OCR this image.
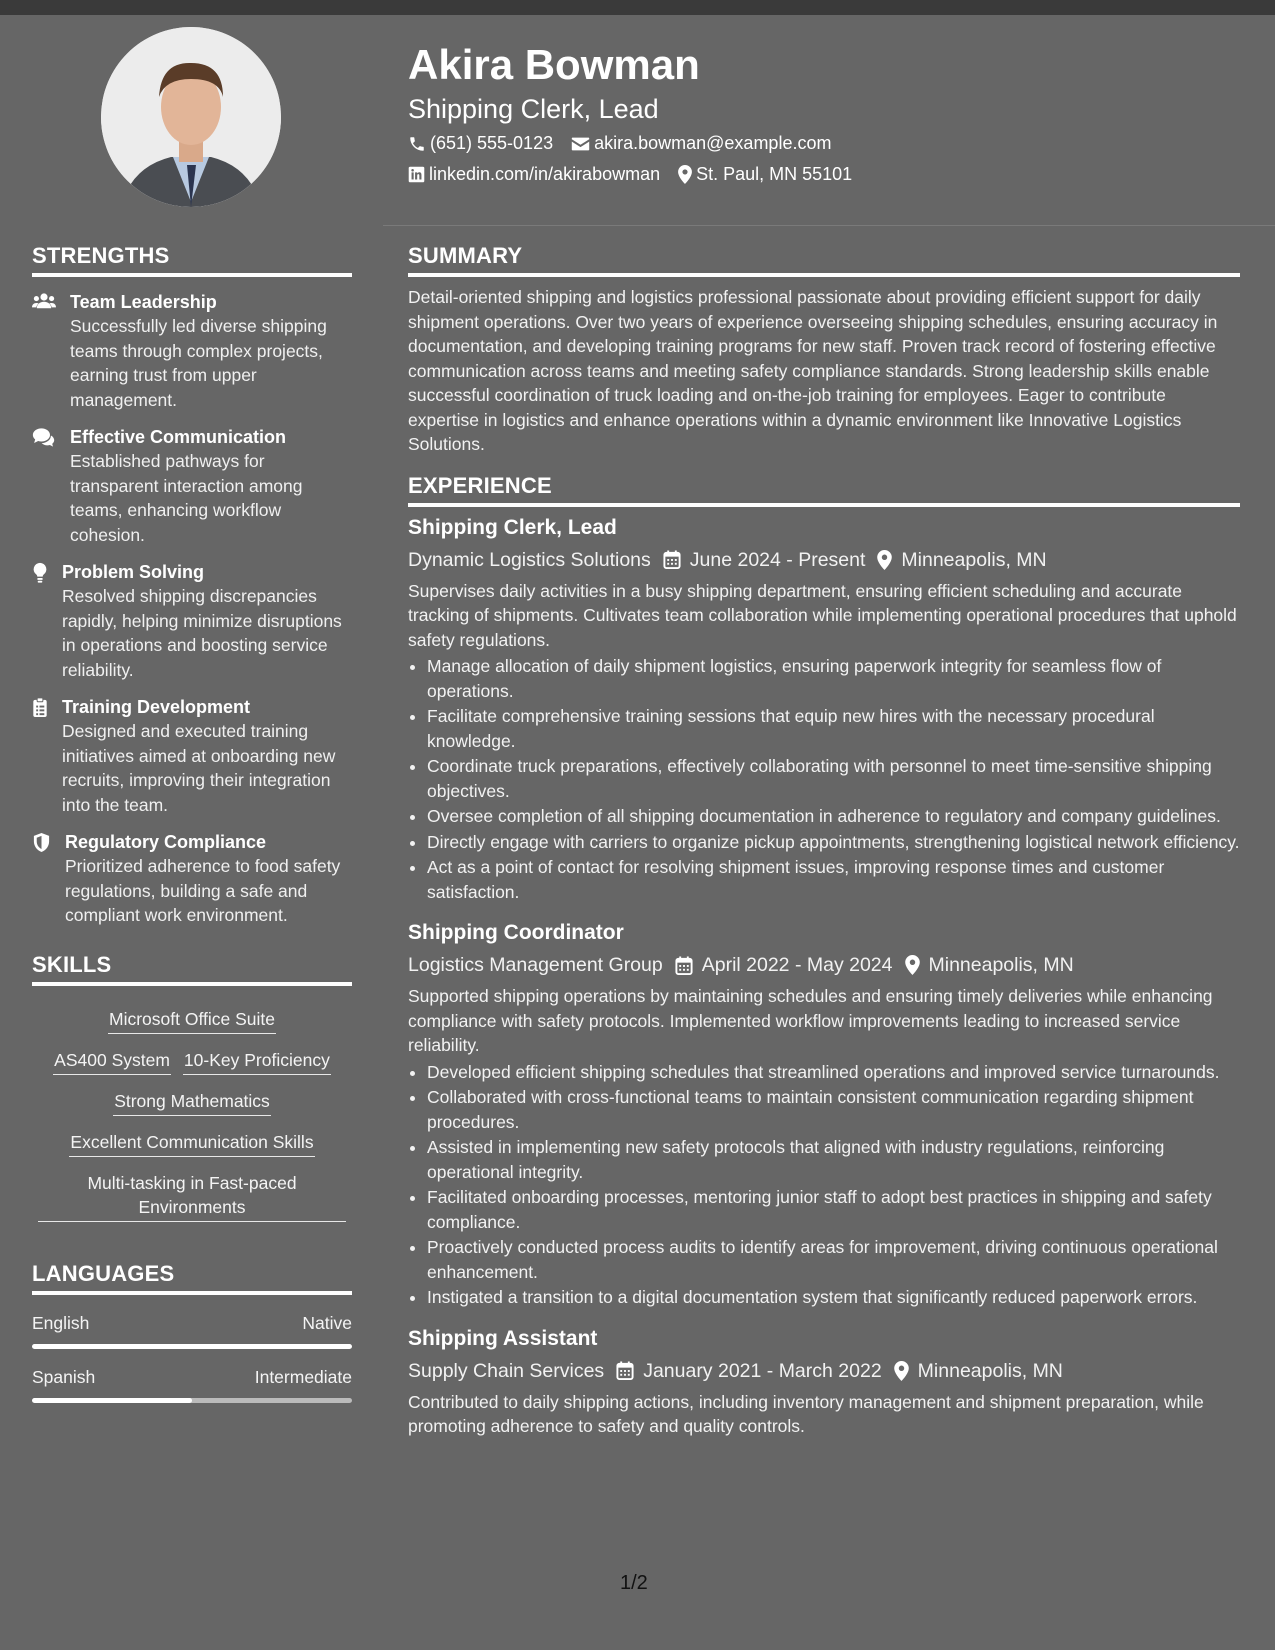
STRENGTHS
Team Leadership
Successfully led diverse shipping teams through complex projects, earning trust from upper management.
Effective Communication
Established pathways for transparent interaction among teams, enhancing workflow cohesion.
Problem Solving
Resolved shipping discrepancies rapidly, helping minimize disruptions in operations and boosting service reliability.
Training Development
Designed and executed training initiatives aimed at onboarding new recruits, improving their integration into the team.
Regulatory Compliance
Prioritized adherence to food safety regulations, building a safe and compliant work environment.
SKILLS
Microsoft Office Suite
AS400 System 10-Key Proficiency
Strong Mathematics
Excellent Communication Skills
Multi-tasking in Fast-paced Environments
LANGUAGES
English	Native
Spanish	Intermediate
Akira Bowman
Shipping Clerk, Lead
(651) 555-0123 akira.bowman@example.com
linkedin.com/in/akirabowman St. Paul, MN 55101
SUMMARY

Detail-oriented shipping and logistics professional passionate about providing efficient support for daily shipment operations. Over two years of experience overseeing shipping schedules, ensuring accuracy in documentation, and developing training programs for new staff. Proven track record of fostering effective communication across teams and meeting safety compliance standards. Strong leadership skills enable successful coordination of truck loading and on-the-job training for employees. Eager to contribute expertise in logistics and enhance operations within a dynamic environment like Innovative Logistics Solutions.

EXPERIENCE
Shipping Clerk, Lead
Dynamic Logistics Solutions June 2024 - Present Minneapolis, MN
Supervises daily activities in a busy shipping department, ensuring efficient scheduling and accurate tracking of shipments. Cultivates team collaboration while implementing operational procedures that uphold safety regulations.
• Manage allocation of daily shipment logistics, ensuring paperwork integrity for seamless flow of operations.
• Facilitate comprehensive training sessions that equip new hires with the necessary procedural knowledge.
• Coordinate truck preparations, effectively collaborating with personnel to meet time-sensitive shipping objectives.
• Oversee completion of all shipping documentation in adherence to regulatory and company guidelines.
• Directly engage with carriers to organize pickup appointments, strengthening logistical network efficiency.
• Act as a point of contact for resolving shipment issues, improving response times and customer satisfaction.
Shipping Coordinator
Logistics Management Group April 2022 - May 2024 Minneapolis, MN
Supported shipping operations by maintaining schedules and ensuring timely deliveries while enhancing compliance with safety protocols. Implemented workflow improvements leading to increased service reliability.
• Developed efficient shipping schedules that streamlined operations and improved service turnarounds.
• Collaborated with cross-functional teams to maintain consistent communication regarding shipment procedures.
• Assisted in implementing new safety protocols that aligned with industry regulations, reinforcing operational integrity.
• Facilitated onboarding processes, mentoring junior staff to adopt best practices in shipping and safety compliance.
• Proactively conducted process audits to identify areas for improvement, driving continuous operational enhancement.
• Instigated a transition to a digital documentation system that significantly reduced paperwork errors.
Shipping Assistant
Supply Chain Services January 2021 - March 2022 Minneapolis, MN
Contributed to daily shipping actions, including inventory management and shipment preparation, while promoting adherence to safety and quality controls.
1/2
